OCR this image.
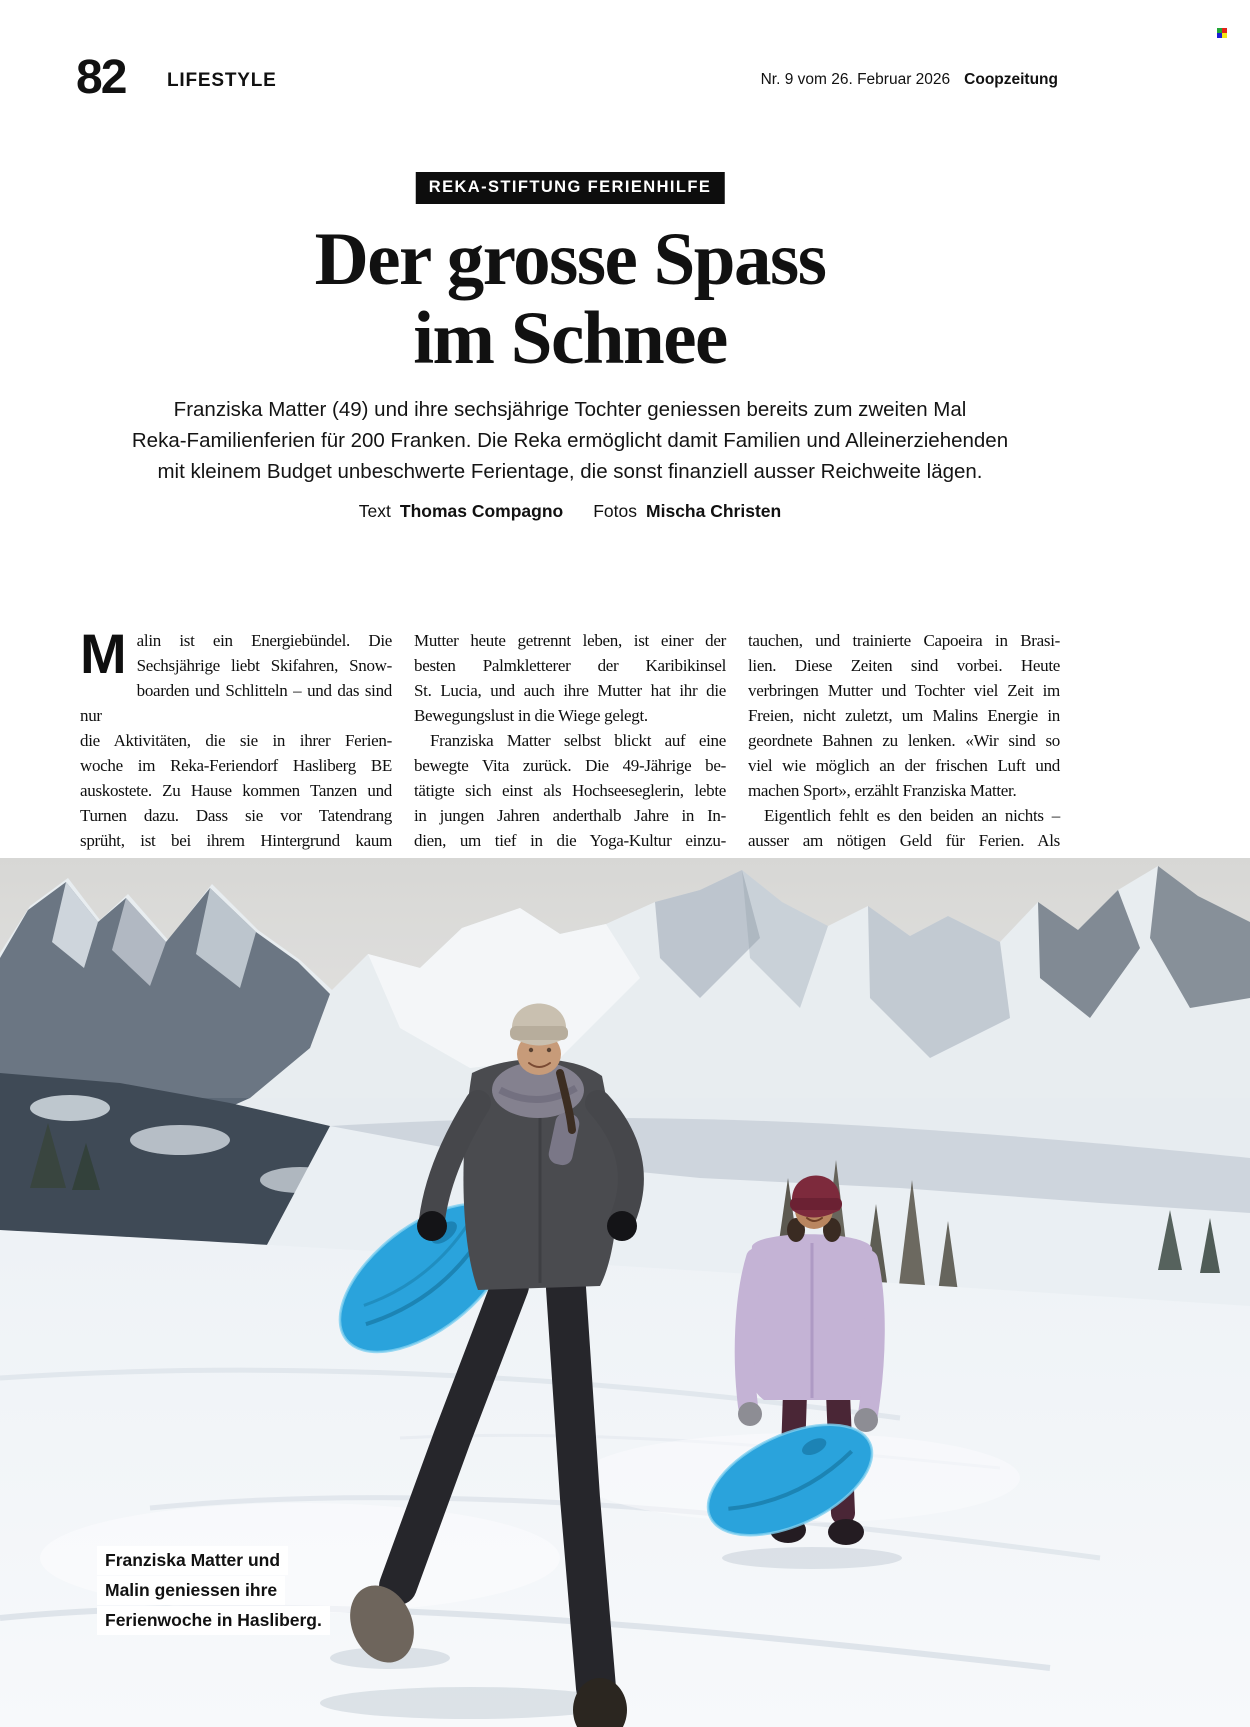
82 LIFESTYLE	Nr. 9 vom 26. Februar 2026 Coopzeitung
REKA-STIFTUNG FERIENHILFE
Der grosse Spass
im Schnee
Franziska Matter (49) und ihre sechsjährige Tochter geniessen bereits zum zweiten Mal
Reka-Familienferien für 200 Franken. Die Reka ermöglicht damit Familien und Alleinerziehenden
mit kleinem Budget unbeschwerte Ferientage, die sonst finanziell ausser Reichweite lägen.
Text Thomas Compagno Fotos Mischa Christen
M alin ist ein Energiebündel. Die
Sechsjährige liebt Skifahren, Snow-
boarden und Schlitteln – und das sind nur
die Aktivitäten, die sie in ihrer Ferien-
woche im Reka-Feriendorf Hasliberg BE
auskostete. Zu Hause kommen Tanzen und
Turnen dazu. Dass sie vor Tatendrang
sprüht, ist bei ihrem Hintergrund kaum
Mutter heute getrennt leben, ist einer der
besten Palmkletterer der Karibikinsel
St. Lucia, und auch ihre Mutter hat ihr die
Bewegungslust in die Wiege gelegt.
Franziska Matter selbst blickt auf eine
bewegte Vita zurück. Die 49-Jährige be-
tätigte sich einst als Hochseeseglerin, lebte
in jungen Jahren anderthalb Jahre in In-
dien, um tief in die Yoga-Kultur einzu-
tauchen, und trainierte Capoeira in Brasi-
lien. Diese Zeiten sind vorbei. Heute
verbringen Mutter und Tochter viel Zeit im
Freien, nicht zuletzt, um Malins Energie in
geordnete Bahnen zu lenken. «Wir sind so
viel wie möglich an der frischen Luft und
machen Sport», erzählt Franziska Matter.
Eigentlich fehlt es den beiden an nichts –
ausser am nötigen Geld für Ferien. Als
Franziska Matter und
Malin geniessen ihre
Ferienwoche in Hasliberg.
